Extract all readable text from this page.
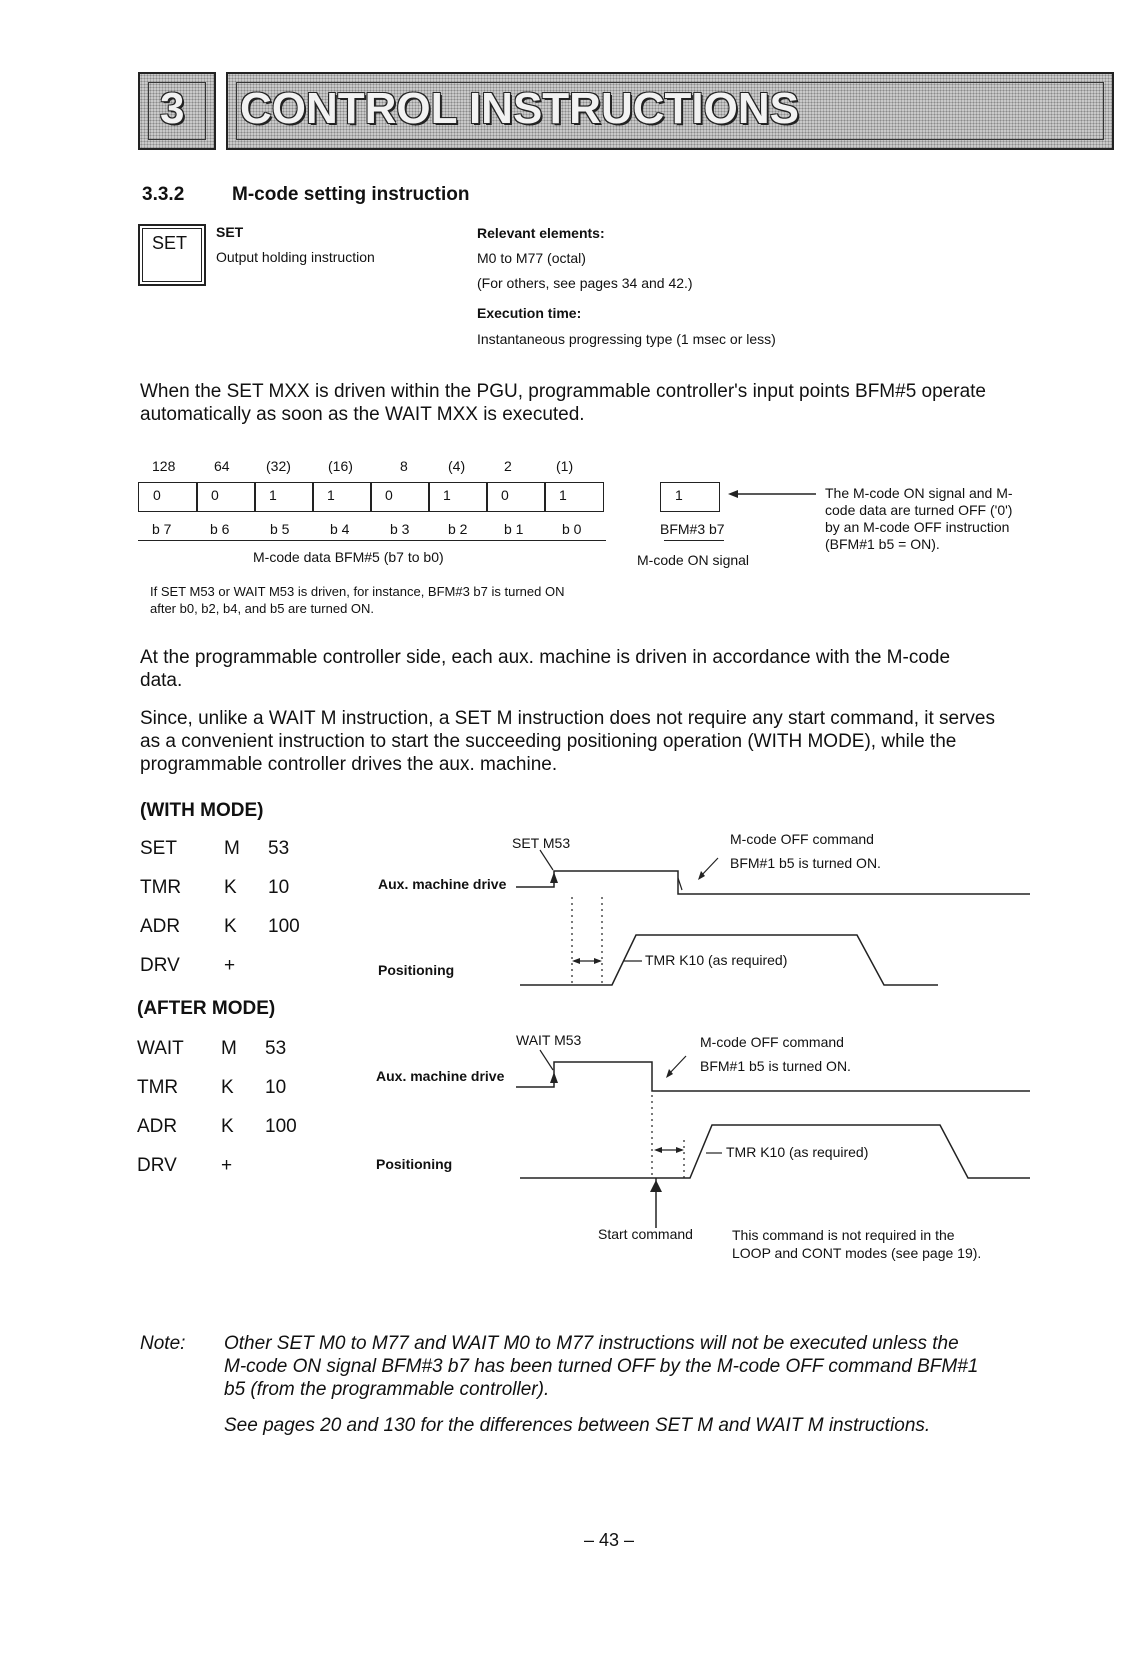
3 CONTROL INSTRUCTIONS
3.3.2	M-code setting instruction
SET
SET
Output holding instruction
Relevant elements:
M0 to M77 (octal)
(For others, see pages 34 and 42.)
Execution time:
Instantaneous progressing type (1 msec or less)
When the SET MXX is driven within the PGU, programmable controller's input points BFM#5 operate
automatically as soon as the WAIT MXX is executed.
128	64	(32)	(16)	8	(4)	2	(1)
0	0	1	1	0	1	0	1
b 7	b 6	b 5	b 4	b 3	b 2	b 1	b 0
M-code data BFM#5 (b7 to b0)
1
BFM#3 b7
M-code ON signal
The M-code ON signal and M-
code data are turned OFF ('0')
by an M-code OFF instruction
(BFM#1 b5 = ON).
If SET M53 or WAIT M53 is driven, for instance, BFM#3 b7 is turned ON
after b0, b2, b4, and b5 are turned ON.
At the programmable controller side, each aux. machine is driven in accordance with the M-code
data.
Since, unlike a WAIT M instruction, a SET M instruction does not require any start command, it serves
as a convenient instruction to start the succeeding positioning operation (WITH MODE), while the
programmable controller drives the aux. machine.
(WITH MODE)
SET M 53
TMR K 10
ADR K 100
DRV +
(AFTER MODE)
WAIT M 53
TMR K 10
ADR K 100
DRV +
SET M53	M-code OFF command
BFM#1 b5 is turned ON.
Aux. machine drive
Positioning
TMR K10 (as required)
WAIT M53	M-code OFF command
BFM#1 b5 is turned ON.
Aux. machine drive
Positioning
TMR K10 (as required)
Start command	This command is not required in the
LOOP and CONT modes (see page 19).
Note: Other SET M0 to M77 and WAIT M0 to M77 instructions will not be executed unless the
M-code ON signal BFM#3 b7 has been turned OFF by the M-code OFF command BFM#1
b5 (from the programmable controller).
See pages 20 and 130 for the differences between SET M and WAIT M instructions.
– 43 –
